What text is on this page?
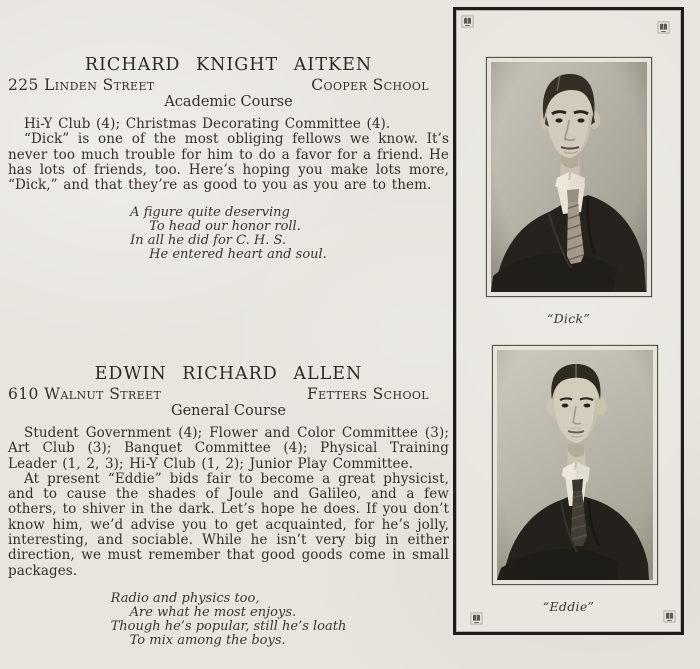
RICHARD KNIGHT AITKEN
225 Linden Street	Cooper School
Academic Course

Hi-Y Club (4); Christmas Decorating Committee (4).

“Dick” is one of the most obliging fellows we know. It’s never too much trouble for him to do a favor for a friend. He has lots of friends, too. Here’s hoping you make lots more, “Dick,” and that they’re as good to you as you are to them.

A figure quite deserving
To head our honor roll.
In all he did for C. H. S.
He entered heart and soul.
EDWIN RICHARD ALLEN
610 Walnut Street	Fetters School
General Course

Student Government (4); Flower and Color Committee (3); Art Club (3); Banquet Committee (4); Physical Training Leader (1, 2, 3); Hi-Y Club (1, 2); Junior Play Committee.

At present “Eddie” bids fair to become a great physicist, and to cause the shades of Joule and Galileo, and a few others, to shiver in the dark. Let’s hope he does. If you don’t know him, we’d advise you to get acquainted, for he’s jolly, interesting, and sociable. While he isn’t very big in either direction, we must remember that good goods come in small packages.

Radio and physics too,
Are what he most enjoys.
Though he’s popular, still he’s loath
To mix among the boys.
“Dick”
“Eddie”
